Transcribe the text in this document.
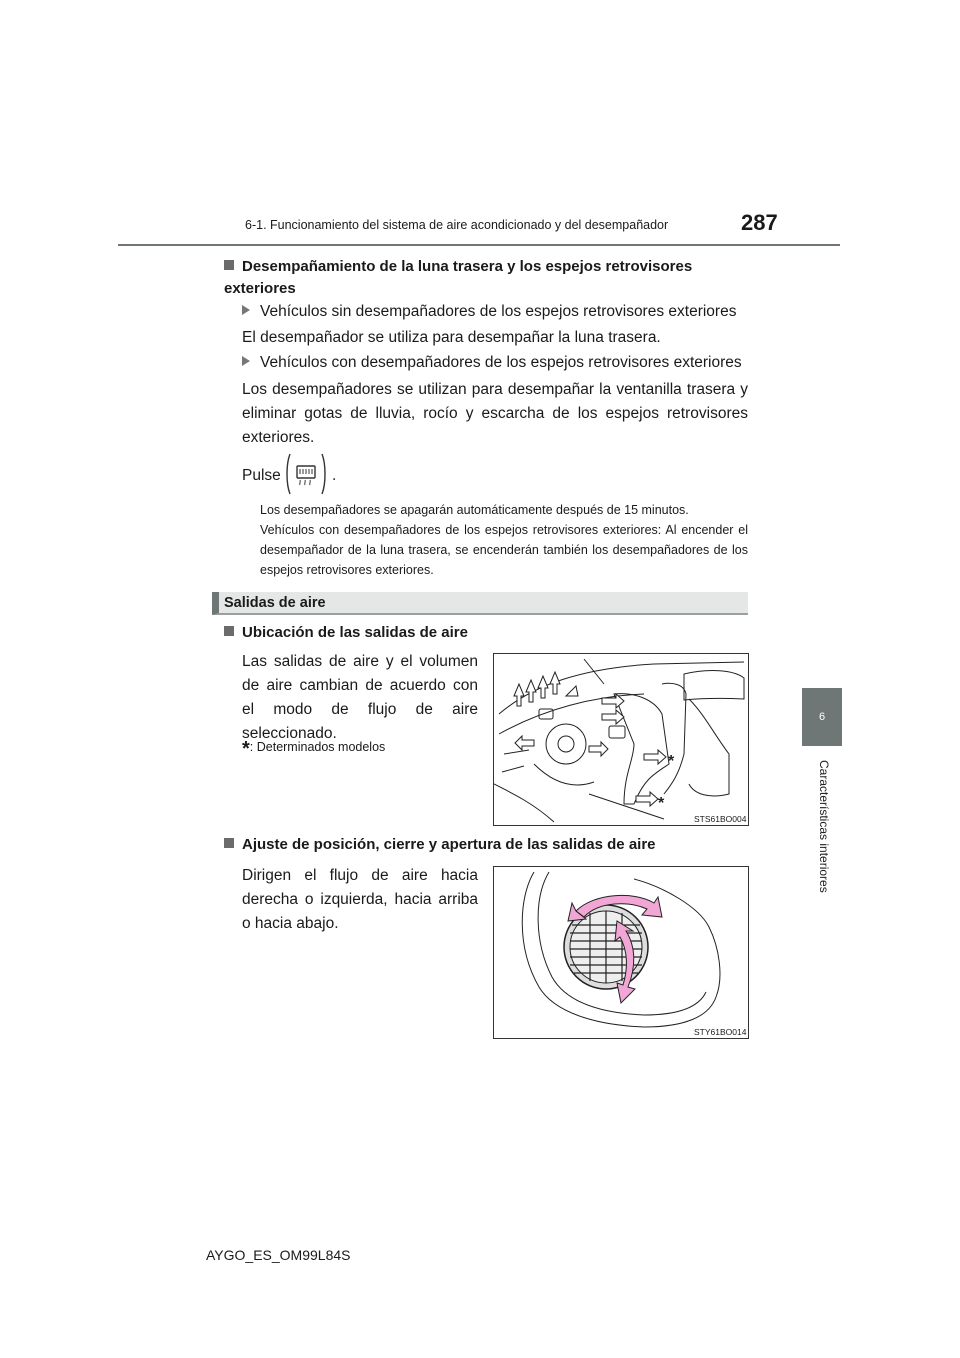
6-1. Funcionamiento del sistema de aire acondicionado y del desempañador	287
6
Características interiores
Desempañamiento de la luna trasera y los espejos retrovisores exteriores
Vehículos sin desempañadores de los espejos retrovisores exteriores
El desempañador se utiliza para desempañar la luna trasera.
Vehículos con desempañadores de los espejos retrovisores exteriores
Los desempañadores se utilizan para desempañar la ventanilla trasera y eliminar gotas de lluvia, rocío y escarcha de los espejos retrovisores exteriores.
Pulse	.
Los desempañadores se apagarán automáticamente después de 15 minutos.
Vehículos con desempañadores de los espejos retrovisores exteriores: Al encender el desempañador de la luna trasera, se encenderán también los desempañadores de los espejos retrovisores exteriores.
Salidas de aire
Ubicación de las salidas de aire
Las salidas de aire y el volumen de aire cambian de acuerdo con el modo de flujo de aire seleccionado.
*: Determinados modelos
*
*
STS61BO004
Ajuste de posición, cierre y apertura de las salidas de aire
Dirigen el flujo de aire hacia derecha o izquierda, hacia arriba o hacia abajo.
STY61BO014
AYGO_ES_OM99L84S
